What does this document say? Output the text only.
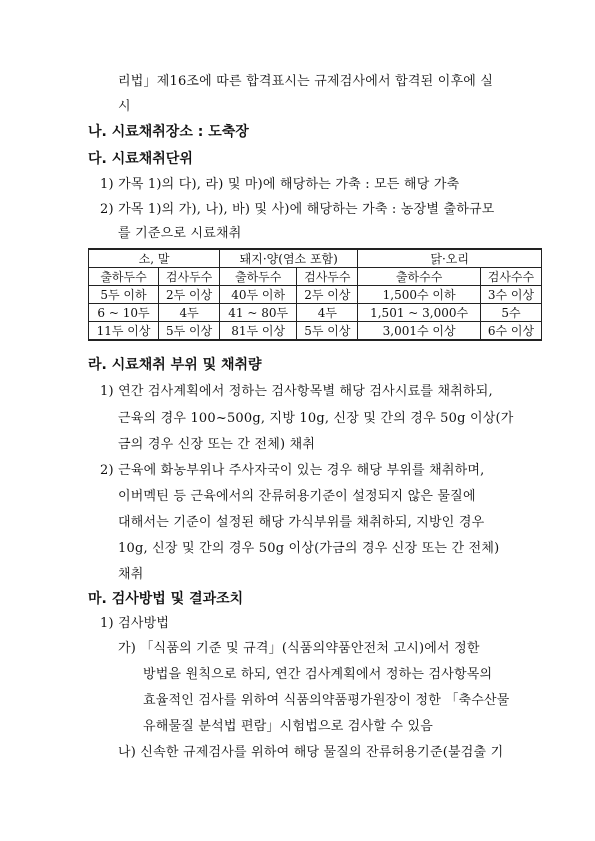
리법」제16조에 따른 합격표시는 규제검사에서 합격된 이후에 실
시
나. 시료채취장소 : 도축장
다. 시료채취단위
1) 가목 1)의 다), 라) 및 마)에 해당하는 가축 : 모든 해당 가축
2) 가목 1)의 가), 나), 바) 및 사)에 해당하는 가축 : 농장별 출하규모
를 기준으로 시료채취
소, 말		돼지·양(염소 포함)		닭·오리	
출하두수	검사두수	출하두수	검사두수	출하수수	검사수수
5두 이하	2두 이상	40두 이하	2두 이상	1,500수 이하	3수 이상
6 ~ 10두	4두	41 ~ 80두	4두	1,501 ~ 3,000수	5수
11두 이상	5두 이상	81두 이상	5두 이상	3,001수 이상	6수 이상
라. 시료채취 부위 및 채취량
1) 연간 검사계획에서 정하는 검사항목별 해당 검사시료를 채취하되,
근육의 경우 100~500g, 지방 10g, 신장 및 간의 경우 50g 이상(가
금의 경우 신장 또는 간 전체) 채취
2) 근육에 화농부위나 주사자국이 있는 경우 해당 부위를 채취하며,
이버멕틴 등 근육에서의 잔류허용기준이 설정되지 않은 물질에
대해서는 기준이 설정된 해당 가식부위를 채취하되, 지방인 경우
10g, 신장 및 간의 경우 50g 이상(가금의 경우 신장 또는 간 전체)
채취
마. 검사방법 및 결과조치
1) 검사방법
가) 「식품의 기준 및 규격」(식품의약품안전처 고시)에서 정한
방법을 원칙으로 하되, 연간 검사계획에서 정하는 검사항목의
효율적인 검사를 위하여 식품의약품평가원장이 정한 「축수산물
유해물질 분석법 편람」시험법으로 검사할 수 있음
나) 신속한 규제검사를 위하여 해당 물질의 잔류허용기준(불검출 기
